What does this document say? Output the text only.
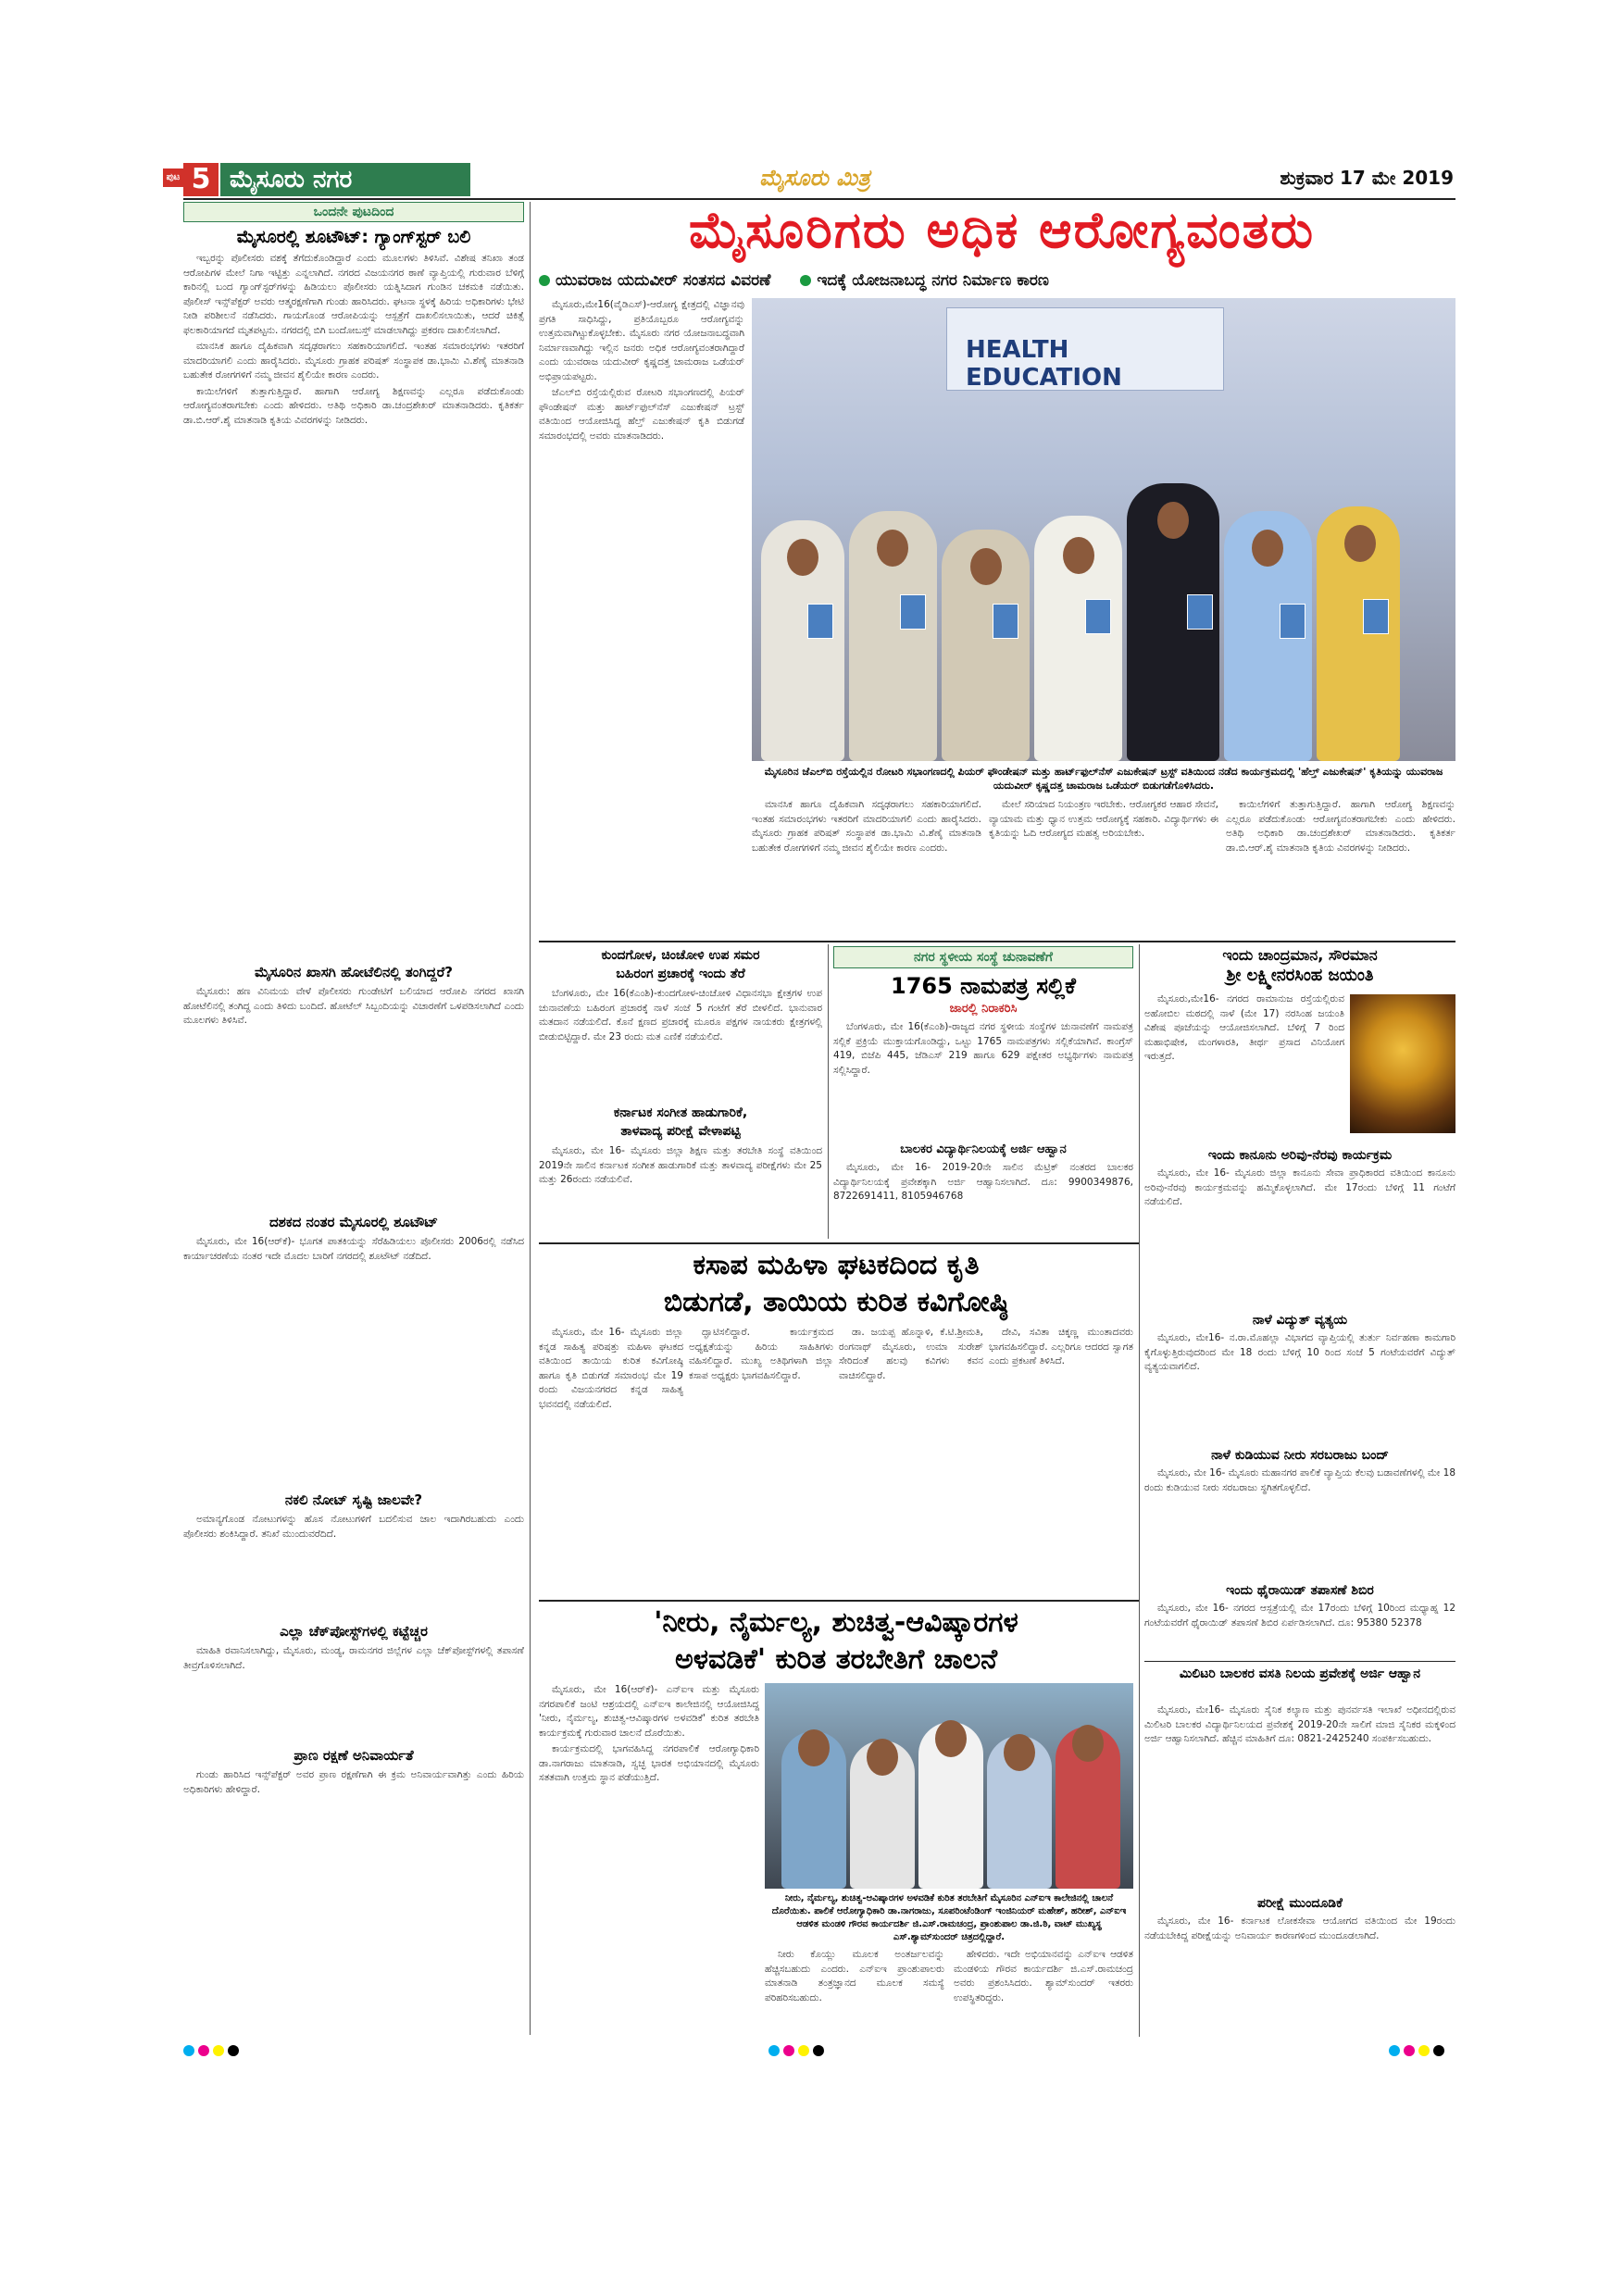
ಪುಟ 5 ಮೈಸೂರು ನಗರ	ಮೈಸೂರು ಮಿತ್ರ	ಶುಕ್ರವಾರ 17 ಮೇ 2019
ಒಂದನೇ ಪುಟದಿಂದ
ಮೈಸೂರಲ್ಲಿ ಶೂಟೌಟ್: ಗ್ಯಾಂಗ್‌ಸ್ಟರ್ ಬಲಿ

ಇಬ್ಬರನ್ನು ಪೊಲೀಸರು ವಶಕ್ಕೆ ತೆಗೆದುಕೊಂಡಿದ್ದಾರೆ ಎಂದು ಮೂಲಗಳು ತಿಳಿಸಿವೆ. ವಿಶೇಷ ತನಿಖಾ ತಂಡ ಆರೋಪಿಗಳ ಮೇಲೆ ನಿಗಾ ಇಟ್ಟಿತ್ತು ಎನ್ನಲಾಗಿದೆ. ನಗರದ ವಿಜಯನಗರ ಠಾಣೆ ವ್ಯಾಪ್ತಿಯಲ್ಲಿ ಗುರುವಾರ ಬೆಳಿಗ್ಗೆ ಕಾರಿನಲ್ಲಿ ಬಂದ ಗ್ಯಾಂಗ್‌ಸ್ಟರ್‌ಗಳನ್ನು ಹಿಡಿಯಲು ಪೊಲೀಸರು ಯತ್ನಿಸಿದಾಗ ಗುಂಡಿನ ಚಕಮಕಿ ನಡೆಯಿತು. ಪೊಲೀಸ್ ಇನ್ಸ್‌ಪೆಕ್ಟರ್ ಅವರು ಆತ್ಮರಕ್ಷಣೆಗಾಗಿ ಗುಂಡು ಹಾರಿಸಿದರು. ಘಟನಾ ಸ್ಥಳಕ್ಕೆ ಹಿರಿಯ ಅಧಿಕಾರಿಗಳು ಭೇಟಿ ನೀಡಿ ಪರಿಶೀಲನೆ ನಡೆಸಿದರು. ಗಾಯಗೊಂಡ ಆರೋಪಿಯನ್ನು ಆಸ್ಪತ್ರೆಗೆ ದಾಖಲಿಸಲಾಯಿತು, ಆದರೆ ಚಿಕಿತ್ಸೆ ಫಲಕಾರಿಯಾಗದೆ ಮೃತಪಟ್ಟನು. ನಗರದಲ್ಲಿ ಬಿಗಿ ಬಂದೋಬಸ್ತ್ ಮಾಡಲಾಗಿದ್ದು ಪ್ರಕರಣ ದಾಖಲಿಸಲಾಗಿದೆ.

ಮಾನಸಿಕ ಹಾಗೂ ದೈಹಿಕವಾಗಿ ಸದೃಢರಾಗಲು ಸಹಕಾರಿಯಾಗಲಿದೆ. ಇಂತಹ ಸಮಾರಂಭಗಳು ಇತರರಿಗೆ ಮಾದರಿಯಾಗಲಿ ಎಂದು ಹಾರೈಸಿದರು. ಮೈಸೂರು ಗ್ರಾಹಕ ಪರಿಷತ್ ಸಂಸ್ಥಾಪಕ ಡಾ.ಭಾಮಿ ವಿ.ಶೆಣೈ ಮಾತನಾಡಿ ಬಹುತೇಕ ರೋಗಗಳಿಗೆ ನಮ್ಮ ಜೀವನ ಶೈಲಿಯೇ ಕಾರಣ ಎಂದರು.

ಕಾಯಿಲೆಗಳಿಗೆ ತುತ್ತಾಗುತ್ತಿದ್ದಾರೆ. ಹಾಗಾಗಿ ಆರೋಗ್ಯ ಶಿಕ್ಷಣವನ್ನು ಎಲ್ಲರೂ ಪಡೆದುಕೊಂಡು ಆರೋಗ್ಯವಂತರಾಗಬೇಕು ಎಂದು ಹೇಳಿದರು. ಅತಿಥಿ ಅಧಿಕಾರಿ ಡಾ.ಚಂದ್ರಶೇಖರ್ ಮಾತನಾಡಿದರು. ಕೃತಿಕರ್ತ ಡಾ.ಬಿ.ಆರ್.ಶೈ ಮಾತನಾಡಿ ಕೃತಿಯ ವಿವರಗಳನ್ನು ನೀಡಿದರು.

ಮೈಸೂರಿನ ಖಾಸಗಿ ಹೋಟೆಲಿನಲ್ಲಿ ತಂಗಿದ್ದರೆ?

ಮೈಸೂರು: ಹಣ ವಿನಿಮಯ ವೇಳೆ ಪೊಲೀಸರು ಗುಂಡೇಟಿಗೆ ಬಲಿಯಾದ ಆರೋಪಿ ನಗರದ ಖಾಸಗಿ ಹೋಟೆಲಿನಲ್ಲಿ ತಂಗಿದ್ದ ಎಂದು ತಿಳಿದು ಬಂದಿದೆ. ಹೋಟೆಲ್ ಸಿಬ್ಬಂದಿಯನ್ನು ವಿಚಾರಣೆಗೆ ಒಳಪಡಿಸಲಾಗಿದೆ ಎಂದು ಮೂಲಗಳು ತಿಳಿಸಿವೆ.

ದಶಕದ ನಂತರ ಮೈಸೂರಲ್ಲಿ ಶೂಟೌಟ್

ಮೈಸೂರು, ಮೇ 16(ಆರ್‌ಕೆ)- ಭೂಗತ ಪಾತಕಿಯನ್ನು ಸೆರೆಹಿಡಿಯಲು ಪೊಲೀಸರು 2006ರಲ್ಲಿ ನಡೆಸಿದ ಕಾರ್ಯಾಚರಣೆಯ ನಂತರ ಇದೇ ಮೊದಲ ಬಾರಿಗೆ ನಗರದಲ್ಲಿ ಶೂಟೌಟ್ ನಡೆದಿದೆ.

ನಕಲಿ ನೋಟ್ ಸೃಷ್ಟಿ ಜಾಲವೇ?

ಅಮಾನ್ಯಗೊಂಡ ನೋಟುಗಳನ್ನು ಹೊಸ ನೋಟುಗಳಿಗೆ ಬದಲಿಸುವ ಜಾಲ ಇದಾಗಿರಬಹುದು ಎಂದು ಪೊಲೀಸರು ಶಂಕಿಸಿದ್ದಾರೆ. ತನಿಖೆ ಮುಂದುವರೆದಿದೆ.

ಎಲ್ಲಾ ಚೆಕ್‌ಪೋಸ್ಟ್‌ಗಳಲ್ಲಿ ಕಟ್ಟೆಚ್ಚರ

ಮಾಹಿತಿ ರವಾನಿಸಲಾಗಿದ್ದು, ಮೈಸೂರು, ಮಂಡ್ಯ, ರಾಮನಗರ ಜಿಲ್ಲೆಗಳ ಎಲ್ಲಾ ಚೆಕ್‌ಪೋಸ್ಟ್‌ಗಳಲ್ಲಿ ತಪಾಸಣೆ ತೀವ್ರಗೊಳಿಸಲಾಗಿದೆ.

ಪ್ರಾಣ ರಕ್ಷಣೆ ಅನಿವಾರ್ಯತೆ

ಗುಂಡು ಹಾರಿಸಿದ ಇನ್ಸ್‌ಪೆಕ್ಟರ್ ಅವರ ಪ್ರಾಣ ರಕ್ಷಣೆಗಾಗಿ ಈ ಕ್ರಮ ಅನಿವಾರ್ಯವಾಗಿತ್ತು ಎಂದು ಹಿರಿಯ ಅಧಿಕಾರಿಗಳು ಹೇಳಿದ್ದಾರೆ.

ಮೈಸೂರಿಗರು ಅಧಿಕ ಆರೋಗ್ಯವಂತರು
ಯುವರಾಜ ಯದುವೀರ್ ಸಂತಸದ ವಿವರಣೆ	ಇದಕ್ಕೆ ಯೋಜನಾಬದ್ಧ ನಗರ ನಿರ್ಮಾಣ ಕಾರಣ

ಮೈಸೂರು,ಮೇ16(ವೈಡಿಎಸ್)-ಆರೋಗ್ಯ ಕ್ಷೇತ್ರದಲ್ಲಿ ವಿಜ್ಞಾನವು ಪ್ರಗತಿ ಸಾಧಿಸಿದ್ದು, ಪ್ರತಿಯೊಬ್ಬರೂ ಆರೋಗ್ಯವನ್ನು ಉತ್ತಮವಾಗಿಟ್ಟುಕೊಳ್ಳಬೇಕು. ಮೈಸೂರು ನಗರ ಯೋಜನಾಬದ್ಧವಾಗಿ ನಿರ್ಮಾಣವಾಗಿದ್ದು ಇಲ್ಲಿನ ಜನರು ಅಧಿಕ ಆರೋಗ್ಯವಂತರಾಗಿದ್ದಾರೆ ಎಂದು ಯುವರಾಜ ಯದುವೀರ್ ಕೃಷ್ಣದತ್ತ ಚಾಮರಾಜ ಒಡೆಯರ್ ಅಭಿಪ್ರಾಯಪಟ್ಟರು.

ಜೆಎಲ್‌ಬಿ ರಸ್ತೆಯಲ್ಲಿರುವ ರೋಟರಿ ಸಭಾಂಗಣದಲ್ಲಿ ಪಿಯರ್ ಫೌಂಡೇಷನ್ ಮತ್ತು ಹಾರ್ಟ್‌ಫುಲ್‌ನೆಸ್ ಎಜುಕೇಷನ್ ಟ್ರಸ್ಟ್ ವತಿಯಿಂದ ಆಯೋಜಿಸಿದ್ದ ಹೆಲ್ತ್ ಎಜುಕೇಷನ್ ಕೃತಿ ಬಿಡುಗಡೆ ಸಮಾರಂಭದಲ್ಲಿ ಅವರು ಮಾತನಾಡಿದರು.

HEALTH EDUCATION
ಮೈಸೂರಿನ ಜೆಎಲ್‌ಬಿ ರಸ್ತೆಯಲ್ಲಿನ ರೋಟರಿ ಸಭಾಂಗಣದಲ್ಲಿ ಪಿಯರ್ ಫೌಂಡೇಷನ್ ಮತ್ತು ಹಾರ್ಟ್‌ಫುಲ್‌ನೆಸ್ ಎಜುಕೇಷನ್ ಟ್ರಸ್ಟ್ ವತಿಯಿಂದ ನಡೆದ ಕಾರ್ಯಕ್ರಮದಲ್ಲಿ 'ಹೆಲ್ತ್ ಎಜುಕೇಷನ್' ಕೃತಿಯನ್ನು ಯುವರಾಜ ಯದುವೀರ್ ಕೃಷ್ಣದತ್ತ ಚಾಮರಾಜ ಒಡೆಯರ್ ಬಿಡುಗಡೆಗೊಳಿಸಿದರು.

ಮಾನಸಿಕ ಹಾಗೂ ದೈಹಿಕವಾಗಿ ಸದೃಢರಾಗಲು ಸಹಕಾರಿಯಾಗಲಿದೆ. ಇಂತಹ ಸಮಾರಂಭಗಳು ಇತರರಿಗೆ ಮಾದರಿಯಾಗಲಿ ಎಂದು ಹಾರೈಸಿದರು. ಮೈಸೂರು ಗ್ರಾಹಕ ಪರಿಷತ್ ಸಂಸ್ಥಾಪಕ ಡಾ.ಭಾಮಿ ವಿ.ಶೆಣೈ ಮಾತನಾಡಿ ಬಹುತೇಕ ರೋಗಗಳಿಗೆ ನಮ್ಮ ಜೀವನ ಶೈಲಿಯೇ ಕಾರಣ ಎಂದರು.

ಮೇಲೆ ಸರಿಯಾದ ನಿಯಂತ್ರಣ ಇರಬೇಕು. ಆರೋಗ್ಯಕರ ಆಹಾರ ಸೇವನೆ, ವ್ಯಾಯಾಮ ಮತ್ತು ಧ್ಯಾನ ಉತ್ತಮ ಆರೋಗ್ಯಕ್ಕೆ ಸಹಕಾರಿ. ವಿದ್ಯಾರ್ಥಿಗಳು ಈ ಕೃತಿಯನ್ನು ಓದಿ ಆರೋಗ್ಯದ ಮಹತ್ವ ಅರಿಯಬೇಕು.

ಕಾಯಿಲೆಗಳಿಗೆ ತುತ್ತಾಗುತ್ತಿದ್ದಾರೆ. ಹಾಗಾಗಿ ಆರೋಗ್ಯ ಶಿಕ್ಷಣವನ್ನು ಎಲ್ಲರೂ ಪಡೆದುಕೊಂಡು ಆರೋಗ್ಯವಂತರಾಗಬೇಕು ಎಂದು ಹೇಳಿದರು. ಅತಿಥಿ ಅಧಿಕಾರಿ ಡಾ.ಚಂದ್ರಶೇಖರ್ ಮಾತನಾಡಿದರು. ಕೃತಿಕರ್ತ ಡಾ.ಬಿ.ಆರ್.ಶೈ ಮಾತನಾಡಿ ಕೃತಿಯ ವಿವರಗಳನ್ನು ನೀಡಿದರು.

ಕುಂದಗೋಳ, ಚಿಂಚೋಳಿ ಉಪ ಸಮರ
ಬಹಿರಂಗ ಪ್ರಚಾರಕ್ಕೆ ಇಂದು ತೆರೆ

ಬೆಂಗಳೂರು, ಮೇ 16(ಕೆಎಂಶಿ)-ಕುಂದಗೋಳ-ಚಿಂಚೋಳಿ ವಿಧಾನಸಭಾ ಕ್ಷೇತ್ರಗಳ ಉಪ ಚುನಾವಣೆಯ ಬಹಿರಂಗ ಪ್ರಚಾರಕ್ಕೆ ನಾಳೆ ಸಂಜೆ 5 ಗಂಟೆಗೆ ತೆರೆ ಬೀಳಲಿದೆ. ಭಾನುವಾರ ಮತದಾನ ನಡೆಯಲಿದೆ. ಕೊನೆ ಕ್ಷಣದ ಪ್ರಚಾರಕ್ಕೆ ಮೂರೂ ಪಕ್ಷಗಳ ನಾಯಕರು ಕ್ಷೇತ್ರಗಳಲ್ಲಿ ಬೀಡುಬಿಟ್ಟಿದ್ದಾರೆ. ಮೇ 23 ರಂದು ಮತ ಎಣಿಕೆ ನಡೆಯಲಿದೆ.

ಕರ್ನಾಟಕ ಸಂಗೀತ ಹಾಡುಗಾರಿಕೆ,
ತಾಳವಾದ್ಯ ಪರೀಕ್ಷೆ ವೇಳಾಪಟ್ಟಿ

ಮೈಸೂರು, ಮೇ 16- ಮೈಸೂರು ಜಿಲ್ಲಾ ಶಿಕ್ಷಣ ಮತ್ತು ತರಬೇತಿ ಸಂಸ್ಥೆ ವತಿಯಿಂದ 2019ನೇ ಸಾಲಿನ ಕರ್ನಾಟಕ ಸಂಗೀತ ಹಾಡುಗಾರಿಕೆ ಮತ್ತು ತಾಳವಾದ್ಯ ಪರೀಕ್ಷೆಗಳು ಮೇ 25 ಮತ್ತು 26ರಂದು ನಡೆಯಲಿವೆ.

ನಗರ ಸ್ಥಳೀಯ ಸಂಸ್ಥೆ ಚುನಾವಣೆಗೆ
1765 ನಾಮಪತ್ರ ಸಲ್ಲಿಕೆ
ಜಾರಲ್ಲಿ ನಿರಾಕರಿಸಿ

ಬೆಂಗಳೂರು, ಮೇ 16(ಕೆಎಂಶಿ)-ರಾಜ್ಯದ ನಗರ ಸ್ಥಳೀಯ ಸಂಸ್ಥೆಗಳ ಚುನಾವಣೆಗೆ ನಾಮಪತ್ರ ಸಲ್ಲಿಕೆ ಪ್ರಕ್ರಿಯೆ ಮುಕ್ತಾಯಗೊಂಡಿದ್ದು, ಒಟ್ಟು 1765 ನಾಮಪತ್ರಗಳು ಸಲ್ಲಿಕೆಯಾಗಿವೆ. ಕಾಂಗ್ರೆಸ್ 419, ಬಿಜೆಪಿ 445, ಜೆಡಿಎಸ್ 219 ಹಾಗೂ 629 ಪಕ್ಷೇತರ ಅಭ್ಯರ್ಥಿಗಳು ನಾಮಪತ್ರ ಸಲ್ಲಿಸಿದ್ದಾರೆ.

ಬಾಲಕರ ವಿದ್ಯಾರ್ಥಿನಿಲಯಕ್ಕೆ ಅರ್ಜಿ ಆಹ್ವಾನ

ಮೈಸೂರು, ಮೇ 16- 2019-20ನೇ ಸಾಲಿನ ಮೆಟ್ರಿಕ್ ನಂತರದ ಬಾಲಕರ ವಿದ್ಯಾರ್ಥಿನಿಲಯಕ್ಕೆ ಪ್ರವೇಶಕ್ಕಾಗಿ ಅರ್ಜಿ ಆಹ್ವಾನಿಸಲಾಗಿದೆ. ದೂ: 9900349876, 8722691411, 8105946768

ಇಂದು ಚಾಂದ್ರಮಾನ, ಸೌರಮಾನ
ಶ್ರೀ ಲಕ್ಷ್ಮೀನರಸಿಂಹ ಜಯಂತಿ

ಮೈಸೂರು,ಮೇ16- ನಗರದ ರಾಮಾನುಜ ರಸ್ತೆಯಲ್ಲಿರುವ ಅಹೋಬಿಲ ಮಠದಲ್ಲಿ ನಾಳೆ (ಮೇ 17) ನರಸಿಂಹ ಜಯಂತಿ ವಿಶೇಷ ಪೂಜೆಯನ್ನು ಆಯೋಜಿಸಲಾಗಿದೆ. ಬೆಳಿಗ್ಗೆ 7 ರಿಂದ ಮಹಾಭಿಷೇಕ, ಮಂಗಳಾರತಿ, ತೀರ್ಥ ಪ್ರಸಾದ ವಿನಿಯೋಗ ಇರುತ್ತದೆ.

ಇಂದು ಕಾನೂನು ಅರಿವು-ನೆರವು ಕಾರ್ಯಕ್ರಮ

ಮೈಸೂರು, ಮೇ 16- ಮೈಸೂರು ಜಿಲ್ಲಾ ಕಾನೂನು ಸೇವಾ ಪ್ರಾಧಿಕಾರದ ವತಿಯಿಂದ ಕಾನೂನು ಅರಿವು-ನೆರವು ಕಾರ್ಯಕ್ರಮವನ್ನು ಹಮ್ಮಿಕೊಳ್ಳಲಾಗಿದೆ. ಮೇ 17ರಂದು ಬೆಳಿಗ್ಗೆ 11 ಗಂಟೆಗೆ ನಡೆಯಲಿದೆ.

ನಾಳೆ ವಿದ್ಯುತ್ ವ್ಯತ್ಯಯ

ಮೈಸೂರು, ಮೇ16- ನ.ರಾ.ಮೊಹಲ್ಲಾ ವಿಭಾಗದ ವ್ಯಾಪ್ತಿಯಲ್ಲಿ ತುರ್ತು ನಿರ್ವಹಣಾ ಕಾಮಗಾರಿ ಕೈಗೊಳ್ಳುತ್ತಿರುವುದರಿಂದ ಮೇ 18 ರಂದು ಬೆಳಿಗ್ಗೆ 10 ರಿಂದ ಸಂಜೆ 5 ಗಂಟೆಯವರೆಗೆ ವಿದ್ಯುತ್ ವ್ಯತ್ಯಯವಾಗಲಿದೆ.

ನಾಳೆ ಕುಡಿಯುವ ನೀರು ಸರಬರಾಜು ಬಂದ್

ಮೈಸೂರು, ಮೇ 16- ಮೈಸೂರು ಮಹಾನಗರ ಪಾಲಿಕೆ ವ್ಯಾಪ್ತಿಯ ಕೆಲವು ಬಡಾವಣೆಗಳಲ್ಲಿ ಮೇ 18 ರಂದು ಕುಡಿಯುವ ನೀರು ಸರಬರಾಜು ಸ್ಥಗಿತಗೊಳ್ಳಲಿದೆ.

ಇಂದು ಥೈರಾಯಿಡ್ ತಪಾಸಣೆ ಶಿಬಿರ

ಮೈಸೂರು, ಮೇ 16- ನಗರದ ಆಸ್ಪತ್ರೆಯಲ್ಲಿ ಮೇ 17ರಂದು ಬೆಳಿಗ್ಗೆ 10ರಿಂದ ಮಧ್ಯಾಹ್ನ 12 ಗಂಟೆಯವರೆಗೆ ಥೈರಾಯಿಡ್ ತಪಾಸಣೆ ಶಿಬಿರ ಏರ್ಪಡಿಸಲಾಗಿದೆ. ದೂ: 95380 52378

ಮಿಲಿಟರಿ ಬಾಲಕರ ವಸತಿ ನಿಲಯ ಪ್ರವೇಶಕ್ಕೆ ಅರ್ಜಿ ಆಹ್ವಾನ

ಮೈಸೂರು, ಮೇ16- ಮೈಸೂರು ಸೈನಿಕ ಕಲ್ಯಾಣ ಮತ್ತು ಪುನರ್ವಸತಿ ಇಲಾಖೆ ಅಧೀನದಲ್ಲಿರುವ ಮಿಲಿಟರಿ ಬಾಲಕರ ವಿದ್ಯಾರ್ಥಿನಿಲಯದ ಪ್ರವೇಶಕ್ಕೆ 2019-20ನೇ ಸಾಲಿಗೆ ಮಾಜಿ ಸೈನಿಕರ ಮಕ್ಕಳಿಂದ ಅರ್ಜಿ ಆಹ್ವಾನಿಸಲಾಗಿದೆ. ಹೆಚ್ಚಿನ ಮಾಹಿತಿಗೆ ದೂ: 0821-2425240 ಸಂಪರ್ಕಿಸಬಹುದು.

ಪರೀಕ್ಷೆ ಮುಂದೂಡಿಕೆ

ಮೈಸೂರು, ಮೇ 16- ಕರ್ನಾಟಕ ಲೋಕಸೇವಾ ಆಯೋಗದ ವತಿಯಿಂದ ಮೇ 19ರಂದು ನಡೆಯಬೇಕಿದ್ದ ಪರೀಕ್ಷೆಯನ್ನು ಅನಿವಾರ್ಯ ಕಾರಣಗಳಿಂದ ಮುಂದೂಡಲಾಗಿದೆ.

ಕಸಾಪ ಮಹಿಳಾ ಘಟಕದಿಂದ ಕೃತಿ
ಬಿಡುಗಡೆ, ತಾಯಿಯ ಕುರಿತ ಕವಿಗೋಷ್ಠಿ

ಮೈಸೂರು, ಮೇ 16- ಮೈಸೂರು ಜಿಲ್ಲಾ ಕನ್ನಡ ಸಾಹಿತ್ಯ ಪರಿಷತ್ತು ಮಹಿಳಾ ಘಟಕದ ವತಿಯಿಂದ ತಾಯಿಯ ಕುರಿತ ಕವಿಗೋಷ್ಠಿ ಹಾಗೂ ಕೃತಿ ಬಿಡುಗಡೆ ಸಮಾರಂಭ ಮೇ 19 ರಂದು ವಿಜಯನಗರದ ಕನ್ನಡ ಸಾಹಿತ್ಯ ಭವನದಲ್ಲಿ ನಡೆಯಲಿದೆ.

ದ್ಘಾಟಿಸಲಿದ್ದಾರೆ. ಕಾರ್ಯಕ್ರಮದ ಅಧ್ಯಕ್ಷತೆಯನ್ನು ಹಿರಿಯ ಸಾಹಿತಿಗಳು ವಹಿಸಲಿದ್ದಾರೆ. ಮುಖ್ಯ ಅತಿಥಿಗಳಾಗಿ ಜಿಲ್ಲಾ ಕಸಾಪ ಅಧ್ಯಕ್ಷರು ಭಾಗವಹಿಸಲಿದ್ದಾರೆ.

ಡಾ. ಜಯಪ್ಪ ಹೊನ್ನಾಳಿ, ಕೆ.ಟಿ.ಶ್ರೀಮತಿ, ರಂಗನಾಥ್ ಮೈಸೂರು, ಉಮಾ ಸುರೇಶ್ ಸೇರಿದಂತೆ ಹಲವು ಕವಿಗಳು ಕವನ ವಾಚಿಸಲಿದ್ದಾರೆ.

ದೇವಿ, ಸವಿತಾ ಚಿಕ್ಕಣ್ಣ ಮುಂತಾದವರು ಭಾಗವಹಿಸಲಿದ್ದಾರೆ. ಎಲ್ಲರಿಗೂ ಆದರದ ಸ್ವಾಗತ ಎಂದು ಪ್ರಕಟಣೆ ತಿಳಿಸಿದೆ.

'ನೀರು, ನೈರ್ಮಲ್ಯ, ಶುಚಿತ್ವ-ಆವಿಷ್ಕಾರಗಳ
ಅಳವಡಿಕೆ' ಕುರಿತ ತರಬೇತಿಗೆ ಚಾಲನೆ

ಮೈಸೂರು, ಮೇ 16(ಆರ್‌ಕೆ)- ಎನ್‌ಐಇ ಮತ್ತು ಮೈಸೂರು ನಗರಪಾಲಿಕೆ ಜಂಟಿ ಆಶ್ರಯದಲ್ಲಿ ಎನ್‌ಐಇ ಕಾಲೇಜಿನಲ್ಲಿ ಆಯೋಜಿಸಿದ್ದ 'ನೀರು, ನೈರ್ಮಲ್ಯ, ಶುಚಿತ್ವ-ಆವಿಷ್ಕಾರಗಳ ಅಳವಡಿಕೆ' ಕುರಿತ ತರಬೇತಿ ಕಾರ್ಯಕ್ರಮಕ್ಕೆ ಗುರುವಾರ ಚಾಲನೆ ದೊರೆಯಿತು.

ಕಾರ್ಯಕ್ರಮದಲ್ಲಿ ಭಾಗವಹಿಸಿದ್ದ ನಗರಪಾಲಿಕೆ ಆರೋಗ್ಯಾಧಿಕಾರಿ ಡಾ.ನಾಗರಾಜು ಮಾತನಾಡಿ, ಸ್ವಚ್ಛ ಭಾರತ ಅಭಿಯಾನದಲ್ಲಿ ಮೈಸೂರು ಸತತವಾಗಿ ಉತ್ತಮ ಸ್ಥಾನ ಪಡೆಯುತ್ತಿದೆ.

ನೀರು, ನೈರ್ಮಲ್ಯ, ಶುಚಿತ್ವ-ಆವಿಷ್ಕಾರಗಳ ಅಳವಡಿಕೆ ಕುರಿತ ತರಬೇತಿಗೆ ಮೈಸೂರಿನ ಎನ್‌ಐಇ ಕಾಲೇಜಿನಲ್ಲಿ ಚಾಲನೆ ದೊರೆಯಿತು. ಪಾಲಿಕೆ ಆರೋಗ್ಯಾಧಿಕಾರಿ ಡಾ.ನಾಗರಾಜು, ಸೂಪರಿಂಟೆಂಡಿಂಗ್ ಇಂಜಿನಿಯರ್ ಮಹೇಶ್, ಹರೀಶ್, ಎನ್‌ಐಇ ಆಡಳಿತ ಮಂಡಳಿ ಗೌರವ ಕಾರ್ಯದರ್ಶಿ ಜಿ.ಎಸ್.ರಾಮಚಂದ್ರ, ಪ್ರಾಂಶುಪಾಲ ಡಾ.ಜಿ.ಠಿ, ವಾಟ್ ಮುಖ್ಯಸ್ಥ ಎಸ್.ಶ್ಯಾಮ್‌ಸುಂದರ್ ಚಿತ್ರದಲ್ಲಿದ್ದಾರೆ.

ನೀರು ಕೊಯ್ಲು ಮೂಲಕ ಅಂತರ್ಜಲವನ್ನು ಹೆಚ್ಚಿಸಬಹುದು ಎಂದರು. ಎನ್‌ಐಇ ಪ್ರಾಂಶುಪಾಲರು ಮಾತನಾಡಿ ತಂತ್ರಜ್ಞಾನದ ಮೂಲಕ ಸಮಸ್ಯೆ ಪರಿಹರಿಸಬಹುದು.

ಹೇಳಿದರು. ಇದೇ ಅಭಿಯಾನವನ್ನು ಎನ್‌ಐಇ ಆಡಳಿತ ಮಂಡಳಿಯ ಗೌರವ ಕಾರ್ಯದರ್ಶಿ ಜಿ.ಎಸ್.ರಾಮಚಂದ್ರ ಅವರು ಪ್ರಶಂಸಿಸಿದರು. ಶ್ಯಾಮ್‌ಸುಂದರ್ ಇತರರು ಉಪಸ್ಥಿತರಿದ್ದರು.
